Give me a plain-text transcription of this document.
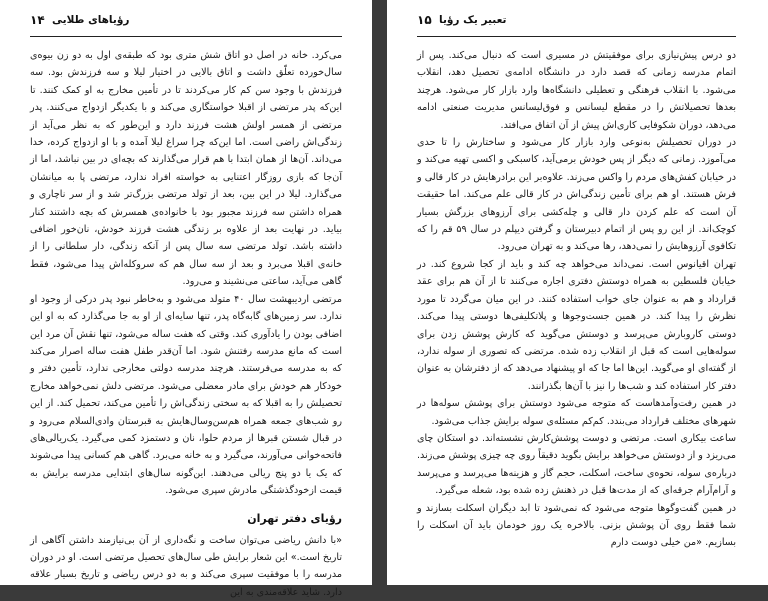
۱۴ رؤیاهای طلایی

می‌کرد. خانه در اصل دو اتاق شش متری بود که طبقه‌ی اول به دو زن بیوه‌ی سال‌خورده تعلّق داشت و اتاق بالایی در اختیار لیلا و سه فرزندش بود. سه فرزندش با وجود سن کم کار می‌کردند تا در تأمین مخارج به او کمک کنند. تا این‌که پدر مرتضی از اقبلا خواستگاری می‌کند و با یکدیگر ازدواج می‌کنند. پدر مرتضی از همسر اولش هشت فرزند دارد و این‌طور که به نظر می‌آید از زندگی‌اش راضی است. اما این‌که چرا سراغ لیلا آمده و با او ازدواج کرده، خدا می‌داند. آن‌ها از همان ابتدا با هم قرار می‌گذارند که بچه‌ای در بین نباشد، اما از آن‌جا که بازی روزگار اعتنایی به خواسته افراد ندارد، مرتضی پا به میانشان می‌گذارد. لیلا در این بین، بعد از تولد مرتضی بزرگ‌تر شد و از سر ناچاری و همراه داشتن سه فرزند مجبور بود با خانواده‌ی همسرش که بچه داشتند کنار بیاید. در نهایت بعد از علاوه بر زندگی هشت فرزند خودش، نان‌خور اضافی داشته باشد. تولد مرتضی سه سال پس از آنکه زندگی، دار سلطانی را از خانه‌ی اقبلا می‌برد و بعد از سه سال هم که سروکله‌اش پیدا می‌شود، فقط گاهی می‌آید، ساعتی می‌نشیند و می‌رود.

مرتضی اردیبهشت سال ۴۰ متولد می‌شود و به‌خاطر نبود پدر درکی از وجود او ندارد. سر زمین‌های گابه‌گاه پدر، تنها سایه‌ای از او به جا می‌گذارد که به او این اضافی بودن را یادآوری کند. وقتی که هفت ساله می‌شود، تنها نقش آن مرد این است که مانع مدرسه رفتنش شود. اما آن‌قدر طفل هفت ساله اصرار می‌کند که به مدرسه می‌فرستند. هرچند مدرسه دولتی مخارجی ندارد، تأمین دفتر و خودکار هم خودش برای مادر معضلی می‌شود. مرتضی دلش نمی‌خواهد مخارج تحصیلش را به اقبلا که به سختی زندگی‌اش را تأمین می‌کند، تحمیل کند. از این رو شب‌های جمعه همراه هم‌سن‌وسال‌هایش به قبرستان وادی‌السلام می‌رود و در قبال شستن قبرها از مردم حلوا، نان و دستمزد کمی می‌گیرد. یک‌ریالی‌های فاتحه‌خوانی می‌آورند، می‌گیرد و به خانه می‌برد. گاهی هم کسانی پیدا می‌شوند که یک یا دو پنج ریالی می‌دهند. این‌گونه سال‌های ابتدایی مدرسه برایش به قیمت ازخودگذشتگی مادرش سپری می‌شود.

رؤیای دفتر تهران

«با دانش ریاضی می‌توان ساخت و نگه‌داری از آن بی‌نیازمند داشتن آگاهی از تاریخ است.» این شعار برایش طی سال‌های تحصیل مرتضی است. او در دوران مدرسه را با موفقیت سپری می‌کند و به دو درس ریاضی و تاریخ بسیار علاقه دارد. شاید علاقه‌مندی به این

۱۵ تعبیر یک رؤیا

دو درس پیش‌نیازی برای موفقیتش در مسیری است که دنبال می‌کند. پس از اتمام مدرسه زمانی که قصد دارد در دانشگاه ادامه‌ی تحصیل دهد، انقلاب می‌شود. با انقلاب فرهنگی و تعطیلی دانشگاه‌ها وارد بازار کار می‌شود. هرچند بعدها تحصیلاتش را در مقطع لیسانس و فوق‌لیسانس مدیریت صنعتی ادامه می‌دهد، دوران شکوفایی کاری‌اش پیش از آن اتفاق می‌افتد.

در دوران تحصیلش به‌نوعی وارد بازار کار می‌شود و ساختارش را تا حدی می‌آموزد. زمانی که دیگر از پس خودش برمی‌آید، کاسبکی و اکسی تهیه می‌کند و در خیابان کفش‌های مردم را واکس می‌زند. علاوه‌بر این برادرهایش در کار قالی و فرش هستند. او هم برای تأمین زندگی‌اش در کار قالی علم می‌کند. اما حقیقت آن است که علم کردن دار قالی و چله‌کشی برای آرزوهای بزرگش بسیار کوچک‌اند. از این رو پس از اتمام دبیرستان و گرفتن دیپلم در سال ۵۹ قم را که تکافوی آرزوهایش را نمی‌دهد، رها می‌کند و به تهران می‌رود.

تهران اقیانوس است. نمی‌داند می‌خواهد چه کند و باید از کجا شروع کند. در خیابان فلسطین به همراه دوستش دفتری اجاره می‌کنند تا از آن هم برای عقد قرارداد و هم به عنوان جای خواب استفاده کنند. در این میان می‌گردد تا مورد نظرش را پیدا کند. در همین جست‌وجوها و پلاتکلیفی‌ها دوستی پیدا می‌کند. دوستی کاروبارش می‌پرسد و دوستش می‌گوید که کارش پوشش زدن برای سوله‌هایی است که قبل از انقلاب زده شده. مرتضی که تصوری از سوله ندارد، از گفته‌ای او می‌گوید. این‌ها اما جا که او پیشنهاد می‌دهد که از دفترشان به عنوان دفتر کار استفاده کند و شب‌ها را نیز با آن‌ها بگذرانند.

در همین رفت‌وآمدهاست که متوجه می‌شود دوستش برای پوشش سوله‌ها در شهرهای مختلف قرارداد می‌بندد. کم‌کم مسئله‌ی سوله برایش جذاب می‌شود.

ساعت بیکاری است. مرتضی و دوست پوشش‌کارش نشسته‌اند. دو استکان چای می‌ریزد و از دوستش می‌خواهد برایش بگوید دقیقاً روی چه چیزی پوشش می‌زند. درباره‌ی سوله، نحوه‌ی ساخت، اسکلت، حجم گاز و هزینه‌ها می‌پرسد و می‌پرسد و آرام‌آرام جرقه‌ای که از مدت‌ها قبل در ذهنش زده شده بود، شعله می‌گیرد.

در همین گفت‌وگوها متوجه می‌شود که نمی‌شود تا ابد دیگران اسکلت بسازند و شما فقط روی آن پوشش بزنی. بالاخره یک روز خودمان باید آن اسکلت را بسازیم. «من خیلی دوست دارم
